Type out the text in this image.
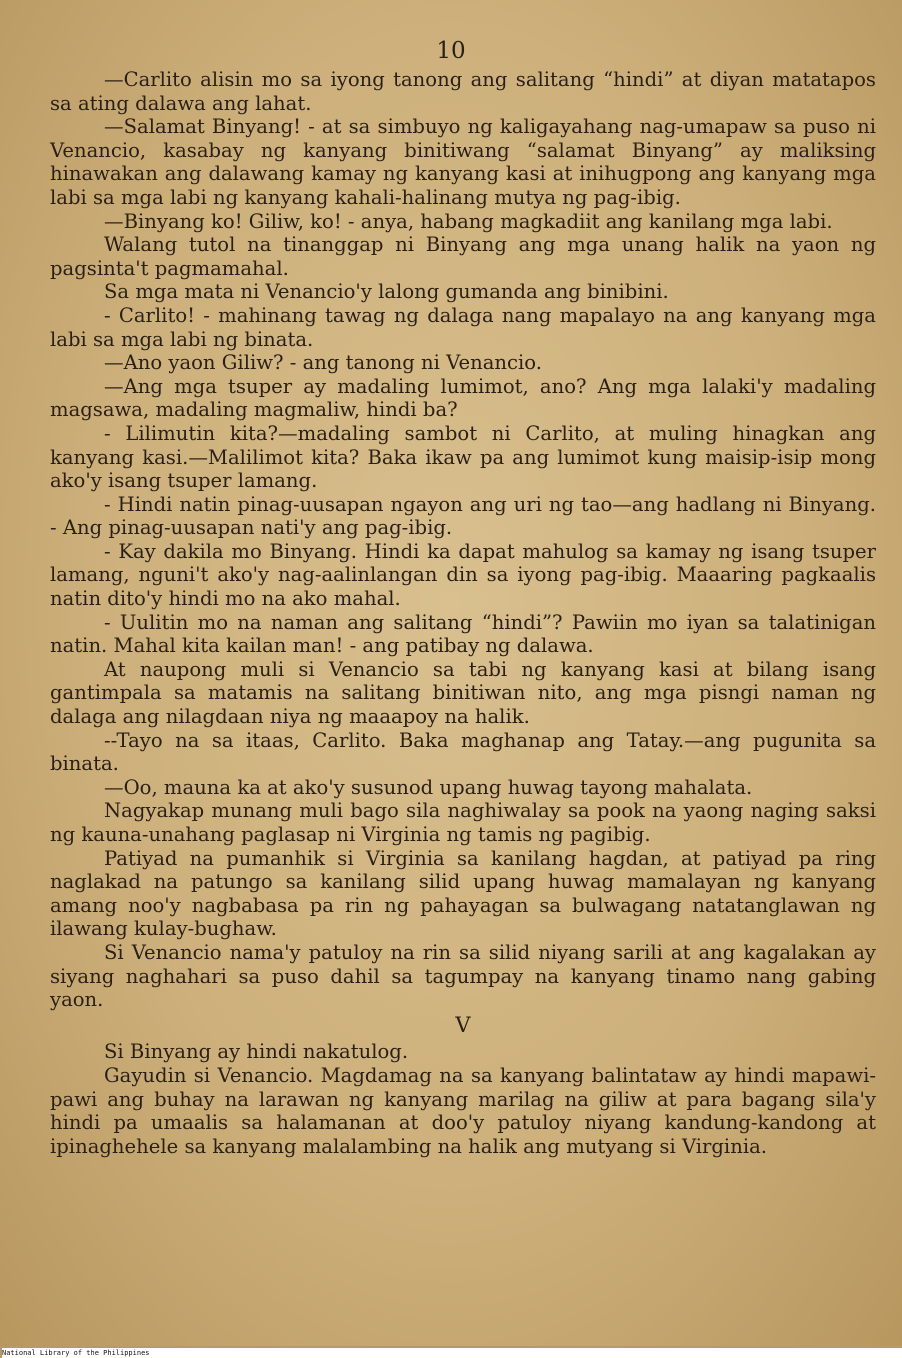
10

—Carlito alisin mo sa iyong tanong ang salitang “hindi” at diyan matatapos sa ating dalawa ang lahat.

—Salamat Binyang! - at sa simbuyo ng kaligayahang nag-umapaw sa puso ni Venancio, kasabay ng kanyang binitiwang “salamat Binyang” ay maliksing hinawakan ang dalawang kamay ng kanyang kasi at inihugpong ang kanyang mga labi sa mga labi ng kanyang kahali-halinang mutya ng pag-ibig.

—Binyang ko! Giliw, ko! - anya, habang magkadiit ang kanilang mga labi.

Walang tutol na tinanggap ni Binyang ang mga unang halik na yaon ng pagsinta't pagmamahal.

Sa mga mata ni Venancio'y lalong gumanda ang binibini.

- Carlito! - mahinang tawag ng dalaga nang mapalayo na ang kanyang mga labi sa mga labi ng binata.

—Ano yaon Giliw? - ang tanong ni Venancio.

—Ang mga tsuper ay madaling lumimot, ano? Ang mga lalaki'y madaling magsawa, madaling magmaliw, hindi ba?

- Lilimutin kita?—madaling sambot ni Carlito, at muling hinagkan ang kanyang kasi.—Malilimot kita? Baka ikaw pa ang lumimot kung maisip-isip mong ako'y isang tsuper lamang.

- Hindi natin pinag-uusapan ngayon ang uri ng tao—ang hadlang ni Binyang. - Ang pinag-uusapan nati'y ang pag-ibig.

- Kay dakila mo Binyang. Hindi ka dapat mahulog sa kamay ng isang tsuper lamang, nguni't ako'y nag-aalinlangan din sa iyong pag-ibig. Maaaring pagkaalis natin dito'y hindi mo na ako mahal.

- Uulitin mo na naman ang salitang “hindi”? Pawiin mo iyan sa talatinigan natin. Mahal kita kailan man! - ang patibay ng dalawa.

At naupong muli si Venancio sa tabi ng kanyang kasi at bilang isang gantimpala sa matamis na salitang binitiwan nito, ang mga pisngi naman ng dalaga ang nilagdaan niya ng maaapoy na halik.

--Tayo na sa itaas, Carlito. Baka maghanap ang Tatay.—ang pugunita sa binata.

—Oo, mauna ka at ako'y susunod upang huwag tayong mahalata.

Nagyakap munang muli bago sila naghiwalay sa pook na yaong naging saksi ng kauna-unahang paglasap ni Virginia ng tamis ng pagibig.

Patiyad na pumanhik si Virginia sa kanilang hagdan, at patiyad pa ring naglakad na patungo sa kanilang silid upang huwag mamalayan ng kanyang amang noo'y nagbabasa pa rin ng pahayagan sa bulwagang natatanglawan ng ilawang kulay-bughaw.

Si Venancio nama'y patuloy na rin sa silid niyang sarili at ang kagalakan ay siyang naghahari sa puso dahil sa tagumpay na kanyang tinamo nang gabing yaon.

V

Si Binyang ay hindi nakatulog.

Gayudin si Venancio. Magdamag na sa kanyang balintataw ay hindi mapawi-pawi ang buhay na larawan ng kanyang marilag na giliw at para bagang sila'y hindi pa umaalis sa halamanan at doo'y patuloy niyang kandung-kandong at ipinaghehele sa kanyang malalambing na halik ang mutyang si Virginia.

National Library of the Philippines
